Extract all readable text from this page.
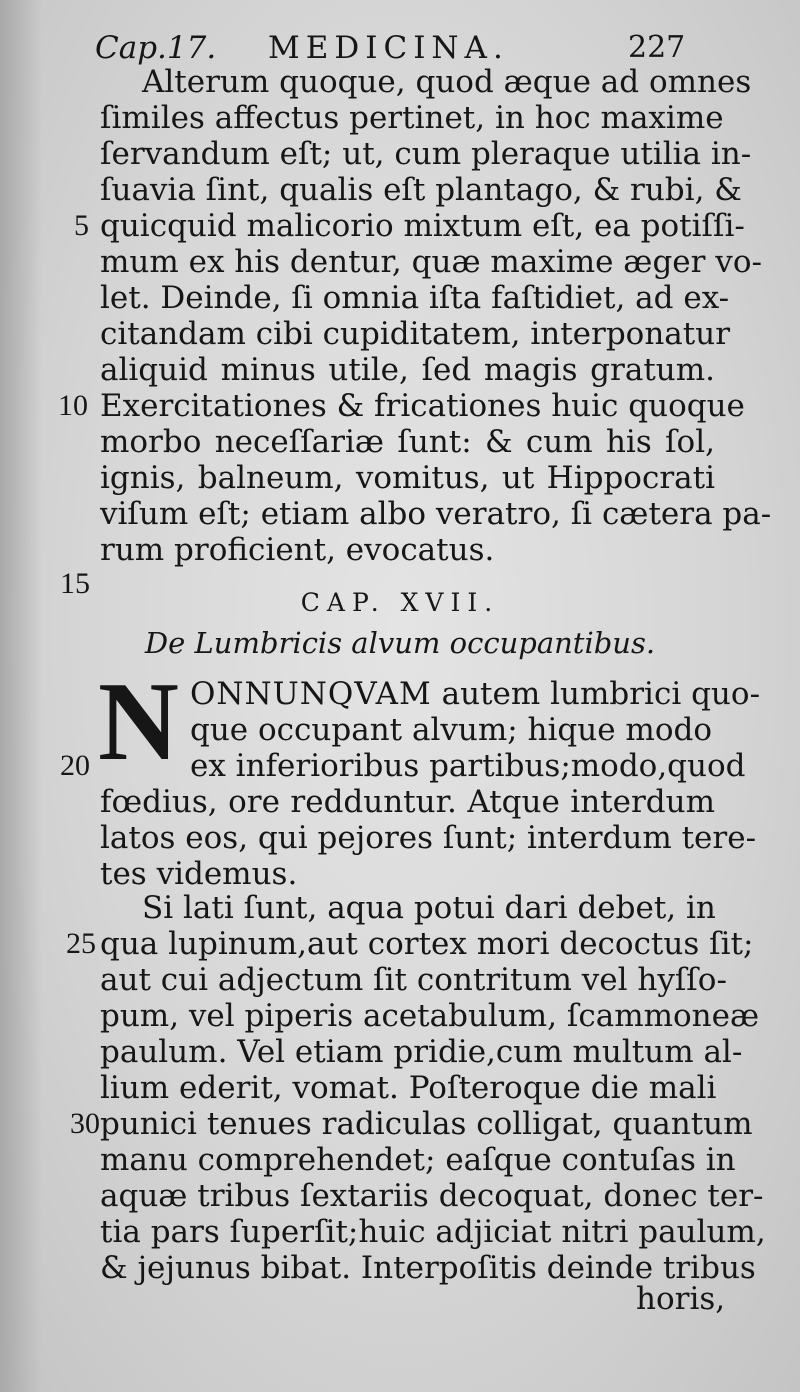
Cap.17. MEDICINA.	227
Alterum quoque, quod æque ad omnes
ſimiles affectus pertinet, in hoc maxime
ſervandum eſt; ut, cum pleraque utilia in-
ſuavia ſint, qualis eſt plantago, & rubi, &
quicquid malicorio mixtum eſt, ea potiſſi-
mum ex his dentur, quæ maxime æger vo-
let. Deinde, ſi omnia iſta faſtidiet, ad ex-
citandam cibi cupiditatem, interponatur
aliquid minus utile, ſed magis gratum.
Exercitationes & fricationes huic quoque
morbo neceſſariæ ſunt: & cum his ſol,
ignis, balneum, vomitus, ut Hippocrati
viſum eſt; etiam albo veratro, ſi cætera pa-
rum proficient, evocatus.
CAP. XVII.
De Lumbricis alvum occupantibus.
N ONNUNQVAM autem lumbrici quo-
que occupant alvum; hique modo
ex inferioribus partibus;modo,quod
fœdius, ore redduntur. Atque interdum
latos eos, qui pejores ſunt; interdum tere-
tes videmus.
Si lati ſunt, aqua potui dari debet, in
qua lupinum,aut cortex mori decoctus ſit;
aut cui adjectum ſit contritum vel hyſſo-
pum, vel piperis acetabulum, ſcammoneæ
paulum. Vel etiam pridie,cum multum al-
lium ederit, vomat. Poſteroque die mali
punici tenues radiculas colligat, quantum
manu comprehendet; eaſque contuſas in
aquæ tribus ſextariis decoquat, donec ter-
tia pars ſuperſit;huic adjiciat nitri paulum,
& jejunus bibat. Interpoſitis deinde tribus
horis,
5
10
15
20
25
30
